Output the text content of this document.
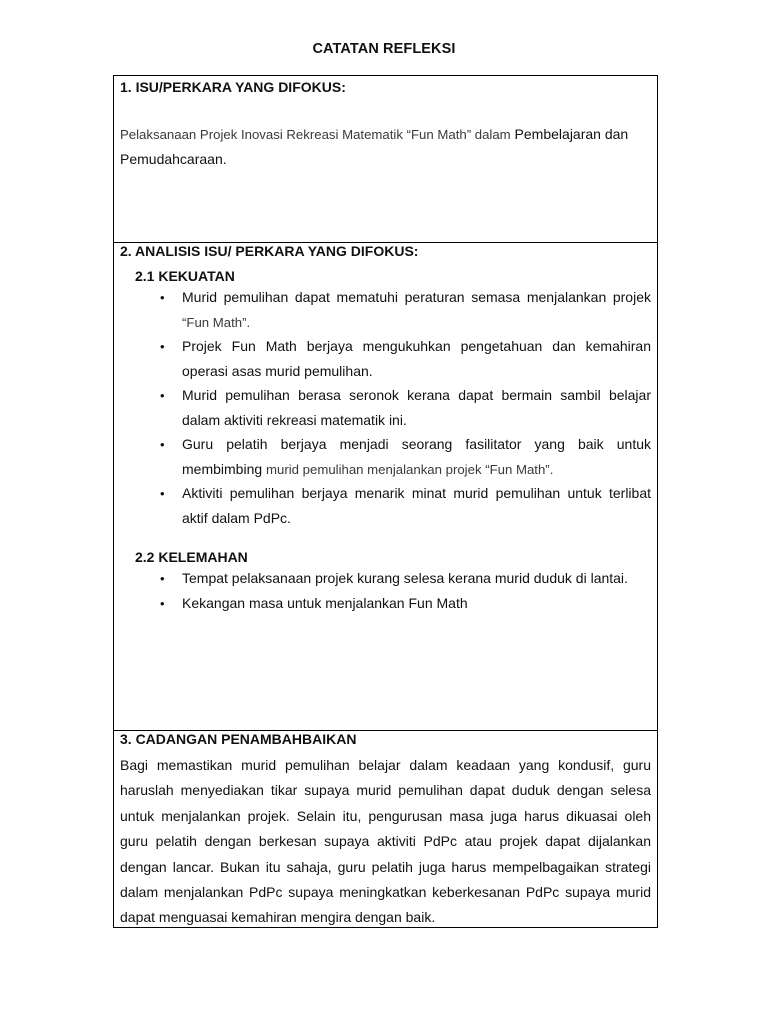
CATATAN REFLEKSI

1. ISU/PERKARA YANG DIFOKUS:

Pelaksanaan Projek Inovasi Rekreasi Matematik “Fun Math” dalam Pembelajaran dan Pemudahcaraan.

2. ANALISIS ISU/ PERKARA YANG DIFOKUS:

2.1 KEKUATAN

• Murid pemulihan dapat mematuhi peraturan semasa menjalankan projek “Fun Math”.
• Projek Fun Math berjaya mengukuhkan pengetahuan dan kemahiran operasi asas murid pemulihan.
• Murid pemulihan berasa seronok kerana dapat bermain sambil belajar dalam aktiviti rekreasi matematik ini.
• Guru pelatih berjaya menjadi seorang fasilitator yang baik untuk membimbing murid pemulihan menjalankan projek “Fun Math”.
• Aktiviti pemulihan berjaya menarik minat murid pemulihan untuk terlibat aktif dalam PdPc.

2.2 KELEMAHAN

• Tempat pelaksanaan projek kurang selesa kerana murid duduk di lantai.
• Kekangan masa untuk menjalankan Fun Math

3. CADANGAN PENAMBAHBAIKAN

Bagi memastikan murid pemulihan belajar dalam keadaan yang kondusif, guru haruslah menyediakan tikar supaya murid pemulihan dapat duduk dengan selesa untuk menjalankan projek. Selain itu, pengurusan masa juga harus dikuasai oleh guru pelatih dengan berkesan supaya aktiviti PdPc atau projek dapat dijalankan dengan lancar. Bukan itu sahaja, guru pelatih juga harus mempelbagaikan strategi dalam menjalankan PdPc supaya meningkatkan keberkesanan PdPc supaya murid dapat menguasai kemahiran mengira dengan baik.
